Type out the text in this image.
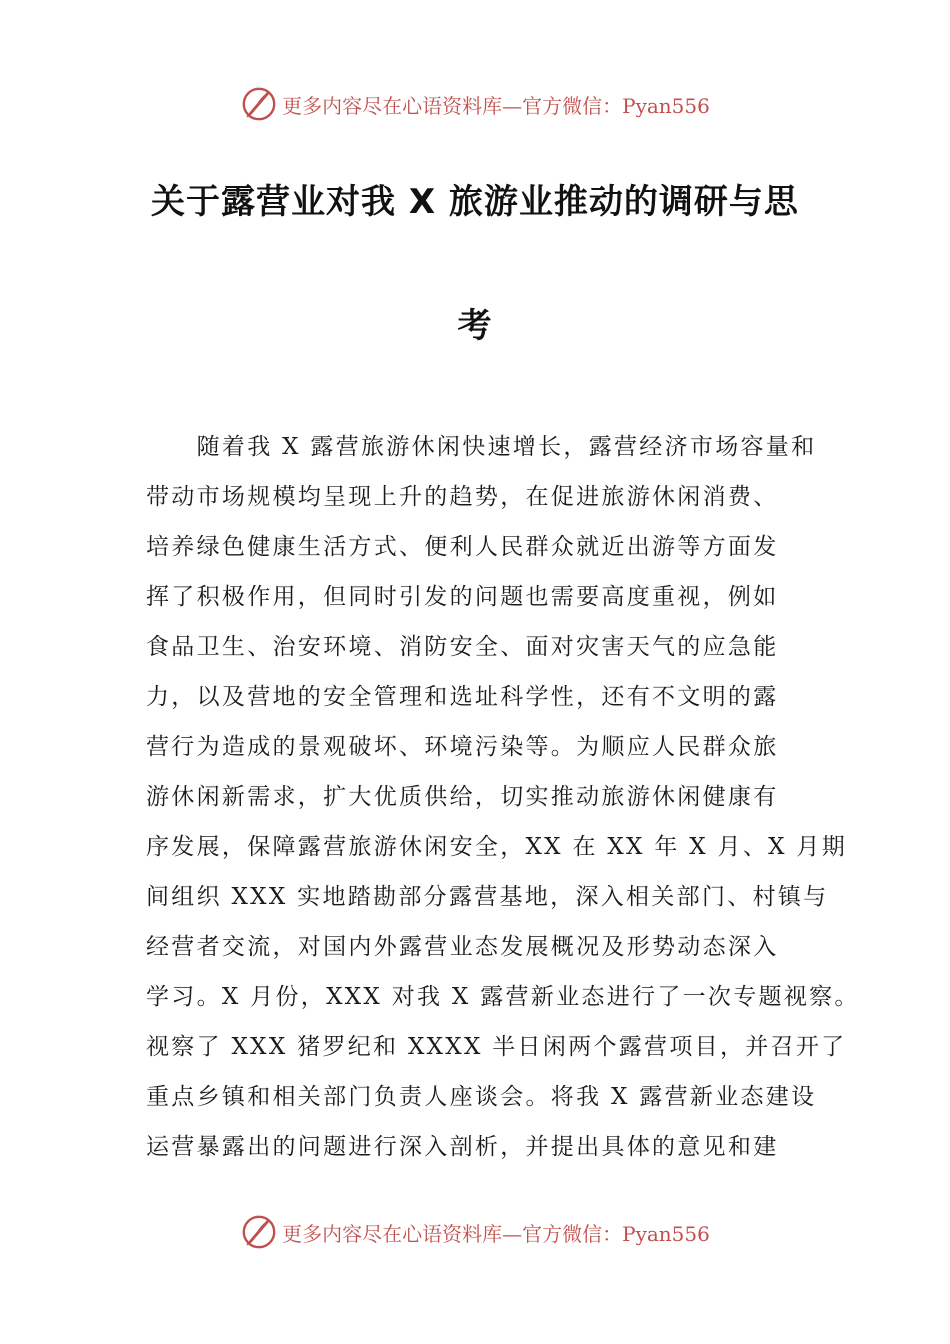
更多内容尽在心语资料库—官方微信：Pyan556
关于露营业对我 X 旅游业推动的调研与思
考
　　随着我 X 露营旅游休闲快速增长，露营经济市场容量和
带动市场规模均呈现上升的趋势，在促进旅游休闲消费、
培养绿色健康生活方式、便利人民群众就近出游等方面发
挥了积极作用，但同时引发的问题也需要高度重视，例如
食品卫生、治安环境、消防安全、面对灾害天气的应急能
力，以及营地的安全管理和选址科学性，还有不文明的露
营行为造成的景观破坏、环境污染等。为顺应人民群众旅
游休闲新需求，扩大优质供给，切实推动旅游休闲健康有
序发展，保障露营旅游休闲安全，XX 在 XX 年 X 月、X 月期
间组织 XXX 实地踏勘部分露营基地，深入相关部门、村镇与
经营者交流，对国内外露营业态发展概况及形势动态深入
学习。X 月份，XXX 对我 X 露营新业态进行了一次专题视察。
视察了 XXX 猪罗纪和 XXXX 半日闲两个露营项目，并召开了
重点乡镇和相关部门负责人座谈会。将我 X 露营新业态建设
运营暴露出的问题进行深入剖析，并提出具体的意见和建
更多内容尽在心语资料库—官方微信：Pyan556
